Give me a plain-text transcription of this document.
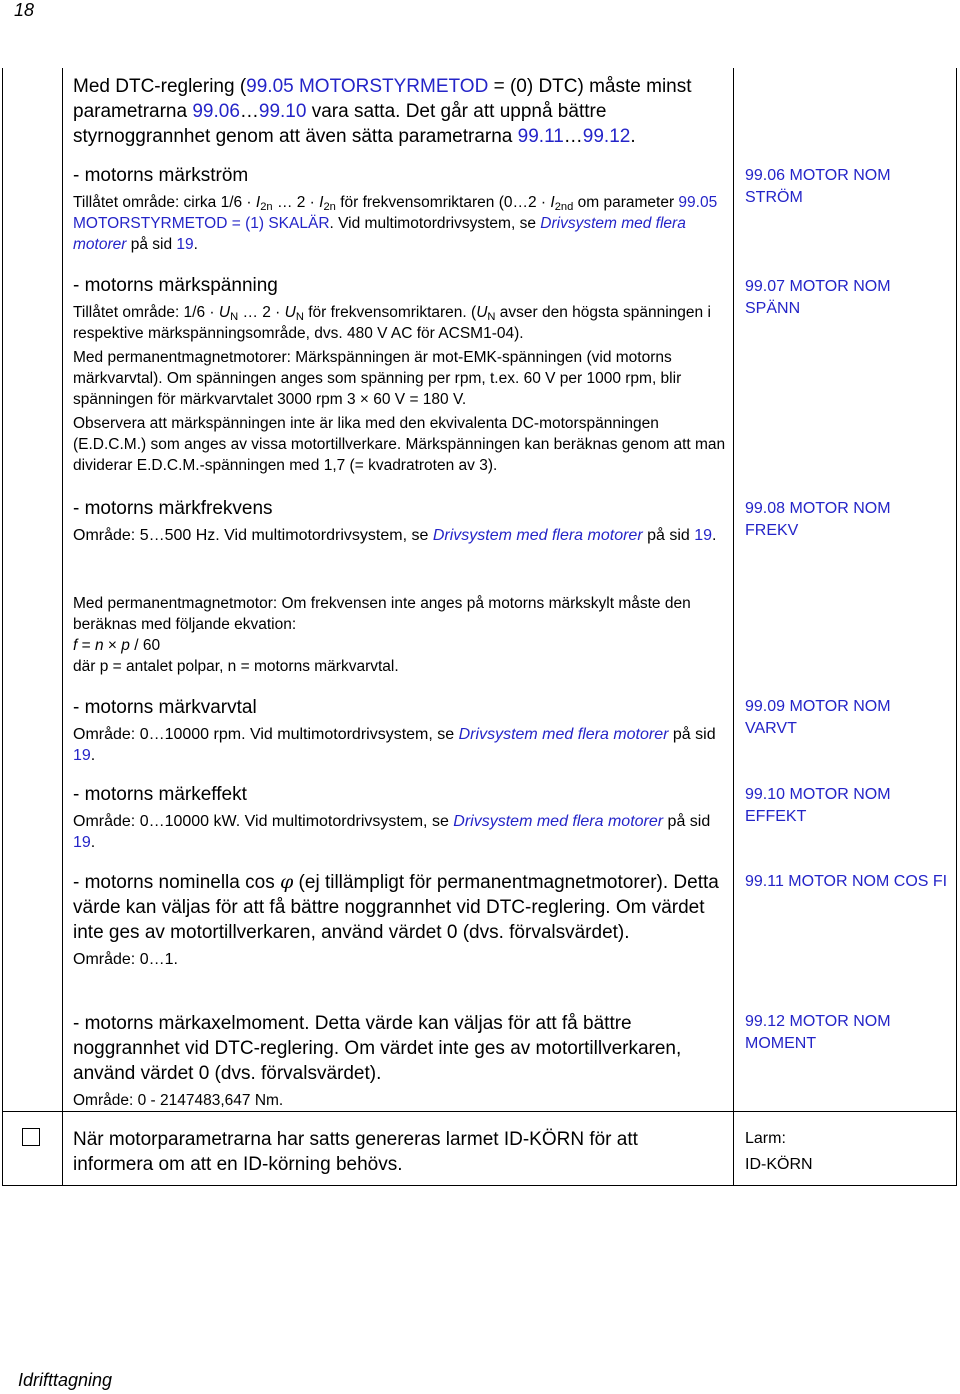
18
Med DTC-reglering (99.05 MOTORSTYRMETOD = (0) DTC) måste minst parametrarna 99.06…99.10 vara satta. Det går att uppnå bättre styrnoggrannhet genom att även sätta parametrarna 99.11…99.12.
- motorns märkström

Tillåtet område: cirka $1/6 \cdot I_{2n}$ … $2 \cdot I_{2n}$ för frekvensomriktaren (0…2 · $I_{2nd}$ om parameter 99.05 MOTORSTYRMETOD = (1) SKALÄR. Vid multimotordrivsystem, se Drivsystem med flera motorer på sid 19.

99.06 MOTOR NOM STRÖM
- motorns märkspänning

Tillåtet område: $1/6 \cdot U_N$ … $2 \cdot U_N$ för frekvensomriktaren. ($U_N$ avser den högsta spänningen i respektive märkspänningsområde, dvs. 480 V AC för ACSM1-04).

Med permanentmagnetmotorer: Märkspänningen är mot-EMK-spänningen (vid motorns märkvarvtal). Om spänningen anges som spänning per rpm, t.ex. 60 V per 1000 rpm, blir spänningen för märkvarvtalet 3000 rpm 3 × 60 V = 180 V.

Observera att märkspänningen inte är lika med den ekvivalenta DC-motorspänningen (E.D.C.M.) som anges av vissa motortillverkare. Märkspänningen kan beräknas genom att man dividerar E.D.C.M.-spänningen med 1,7 (= kvadratroten av 3).

99.07 MOTOR NOM SPÄNN
- motorns märkfrekvens

Område: 5…500 Hz. Vid multimotordrivsystem, se Drivsystem med flera motorer på sid 19.

99.08 MOTOR NOM FREKV

Med permanentmagnetmotor: Om frekvensen inte anges på motorns märkskylt måste den beräknas med följande ekvation:

f = n × p / 60

där p = antalet polpar, n = motorns märkvarvtal.

- motorns märkvarvtal

Område: 0…10000 rpm. Vid multimotordrivsystem, se Drivsystem med flera motorer på sid 19.

99.09 MOTOR NOM VARVT
- motorns märkeffekt

Område: 0…10000 kW. Vid multimotordrivsystem, se Drivsystem med flera motorer på sid 19.

99.10 MOTOR NOM EFFEKT
- motorns nominella cos φ (ej tillämpligt för permanentmagnetmotorer). Detta värde kan väljas för att få bättre noggrannhet vid DTC-reglering. Om värdet inte ges av motortillverkaren, använd värdet 0 (dvs. förvalsvärdet).

Område: 0…1.

99.11 MOTOR NOM COS FI
- motorns märkaxelmoment. Detta värde kan väljas för att få bättre noggrannhet vid DTC-reglering. Om värdet inte ges av motortillverkaren, använd värdet 0 (dvs. förvalsvärdet).

Område: 0 - 2147483,647 Nm.

99.12 MOTOR NOM MOMENT
När motorparametrarna har satts genereras larmet ID-KÖRN för att informera om att en ID-körning behövs.
Larm:
ID-KÖRN
Idrifttagning
